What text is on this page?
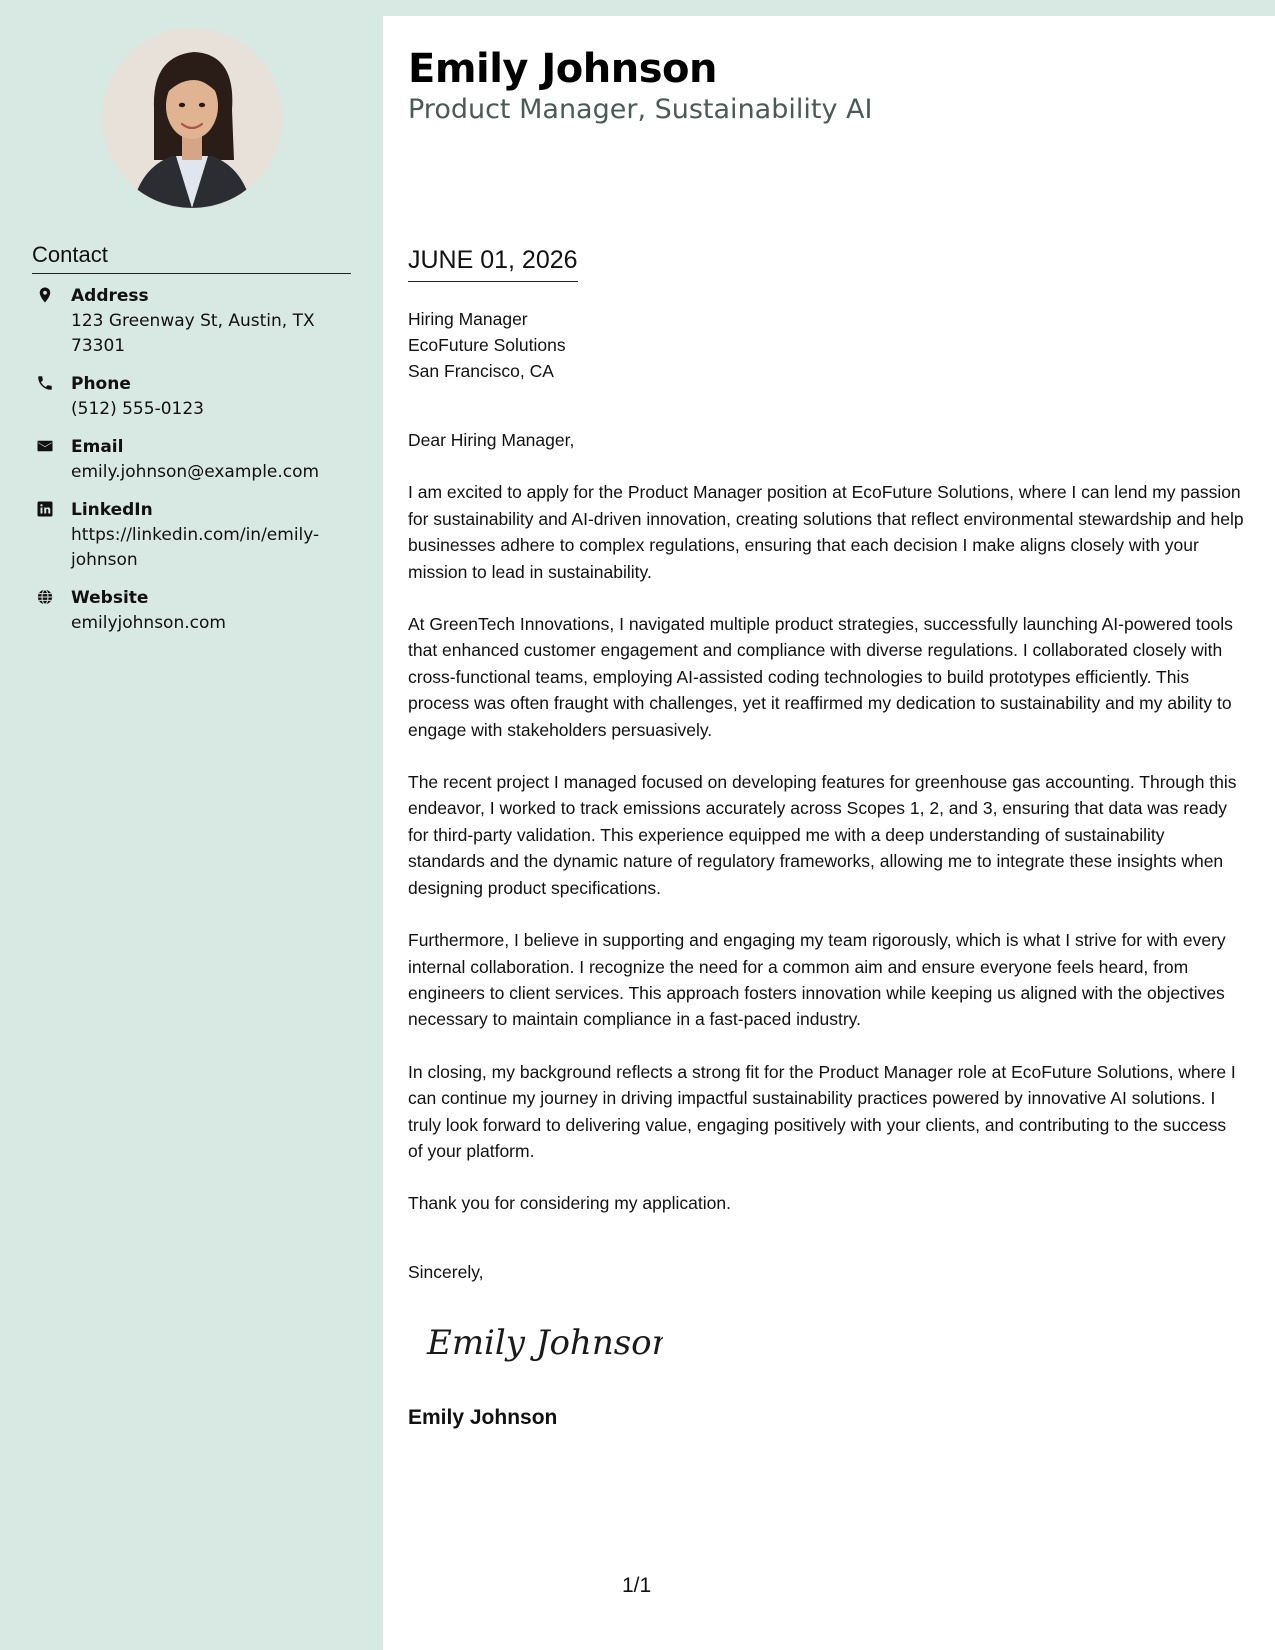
Contact
Address
123 Greenway St, Austin, TX 73301
Phone
(512) 555-0123
Email
emily.johnson@example.com
LinkedIn
https://linkedin.com/in/emily-johnson
Website
emilyjohnson.com
Emily Johnson
Product Manager, Sustainability AI
JUNE 01, 2026
Hiring Manager
EcoFuture Solutions
San Francisco, CA

Dear Hiring Manager,

I am excited to apply for the Product Manager position at EcoFuture Solutions, where I can lend my passion for sustainability and AI-driven innovation, creating solutions that reflect environmental stewardship and help businesses adhere to complex regulations, ensuring that each decision I make aligns closely with your mission to lead in sustainability.

At GreenTech Innovations, I navigated multiple product strategies, successfully launching AI-powered tools that enhanced customer engagement and compliance with diverse regulations. I collaborated closely with cross-functional teams, employing AI-assisted coding technologies to build prototypes efficiently. This process was often fraught with challenges, yet it reaffirmed my dedication to sustainability and my ability to engage with stakeholders persuasively.

The recent project I managed focused on developing features for greenhouse gas accounting. Through this endeavor, I worked to track emissions accurately across Scopes 1, 2, and 3, ensuring that data was ready for third-party validation. This experience equipped me with a deep understanding of sustainability standards and the dynamic nature of regulatory frameworks, allowing me to integrate these insights when designing product specifications.

Furthermore, I believe in supporting and engaging my team rigorously, which is what I strive for with every internal collaboration. I recognize the need for a common aim and ensure everyone feels heard, from engineers to client services. This approach fosters innovation while keeping us aligned with the objectives necessary to maintain compliance in a fast-paced industry.

In closing, my background reflects a strong fit for the Product Manager role at EcoFuture Solutions, where I can continue my journey in driving impactful sustainability practices powered by innovative AI solutions. I truly look forward to delivering value, engaging positively with your clients, and contributing to the success of your platform.

Thank you for considering my application.

Sincerely,
Emily Johnson
Emily Johnson
1/1
